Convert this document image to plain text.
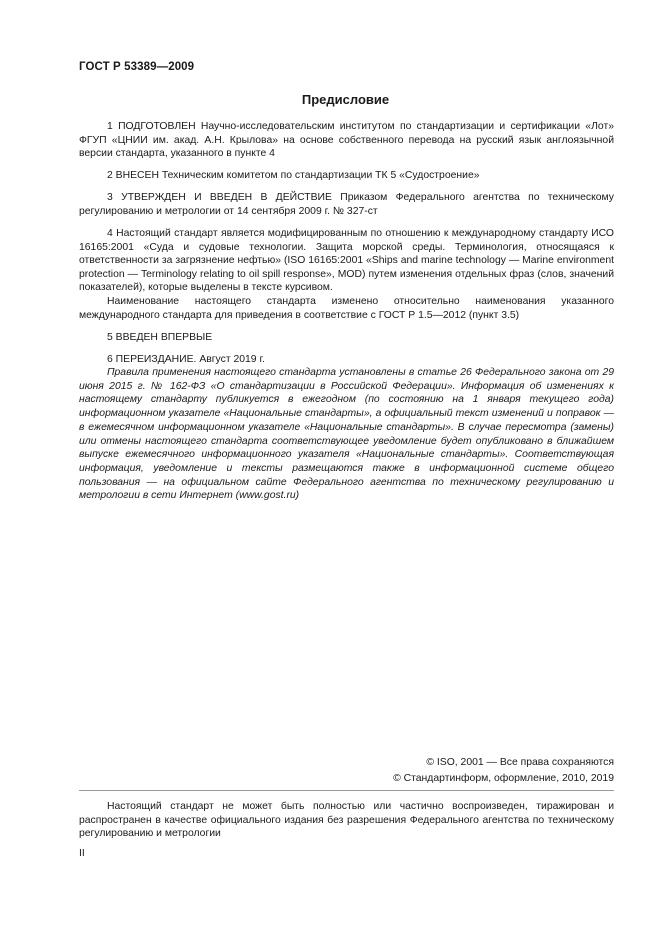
ГОСТ Р 53389—2009
Предисловие

1 ПОДГОТОВЛЕН Научно-исследовательским институтом по стандартизации и сертификации «Лот» ФГУП «ЦНИИ им. акад. А.Н. Крылова» на основе собственного перевода на русский язык англоязычной версии стандарта, указанного в пункте 4

2 ВНЕСЕН Техническим комитетом по стандартизации ТК 5 «Судостроение»

3 УТВЕРЖДЕН И ВВЕДЕН В ДЕЙСТВИЕ Приказом Федерального агентства по техническому регулированию и метрологии от 14 сентября 2009 г. № 327-ст

4 Настоящий стандарт является модифицированным по отношению к международному стандарту ИСО 16165:2001 «Суда и судовые технологии. Защита морской среды. Терминология, относящаяся к ответственности за загрязнение нефтью» (ISO 16165:2001 «Ships and marine technology — Marine environment protection — Terminology relating to oil spill response», MOD) путем изменения отдельных фраз (слов, значений показателей), которые выделены в тексте курсивом.

Наименование настоящего стандарта изменено относительно наименования указанного международного стандарта для приведения в соответствие с ГОСТ Р 1.5—2012 (пункт 3.5)

5 ВВЕДЕН ВПЕРВЫЕ

6 ПЕРЕИЗДАНИЕ. Август 2019 г.

Правила применения настоящего стандарта установлены в статье 26 Федерального закона от 29 июня 2015 г. № 162-ФЗ «О стандартизации в Российской Федерации». Информация об изменениях к настоящему стандарту публикуется в ежегодном (по состоянию на 1 января текущего года) информационном указателе «Национальные стандарты», а официальный текст изменений и поправок — в ежемесячном информационном указателе «Национальные стандарты». В случае пересмотра (замены) или отмены настоящего стандарта соответствующее уведомление будет опубликовано в ближайшем выпуске ежемесячного информационного указателя «Национальные стандарты». Соответствующая информация, уведомление и тексты размещаются также в информационной системе общего пользования — на официальном сайте Федерального агентства по техническому регулированию и метрологии в сети Интернет (www.gost.ru)

© ISO, 2001 — Все права сохраняются
© Стандартинформ, оформление, 2010, 2019

Настоящий стандарт не может быть полностью или частично воспроизведен, тиражирован и распространен в качестве официального издания без разрешения Федерального агентства по техническому регулированию и метрологии

II
